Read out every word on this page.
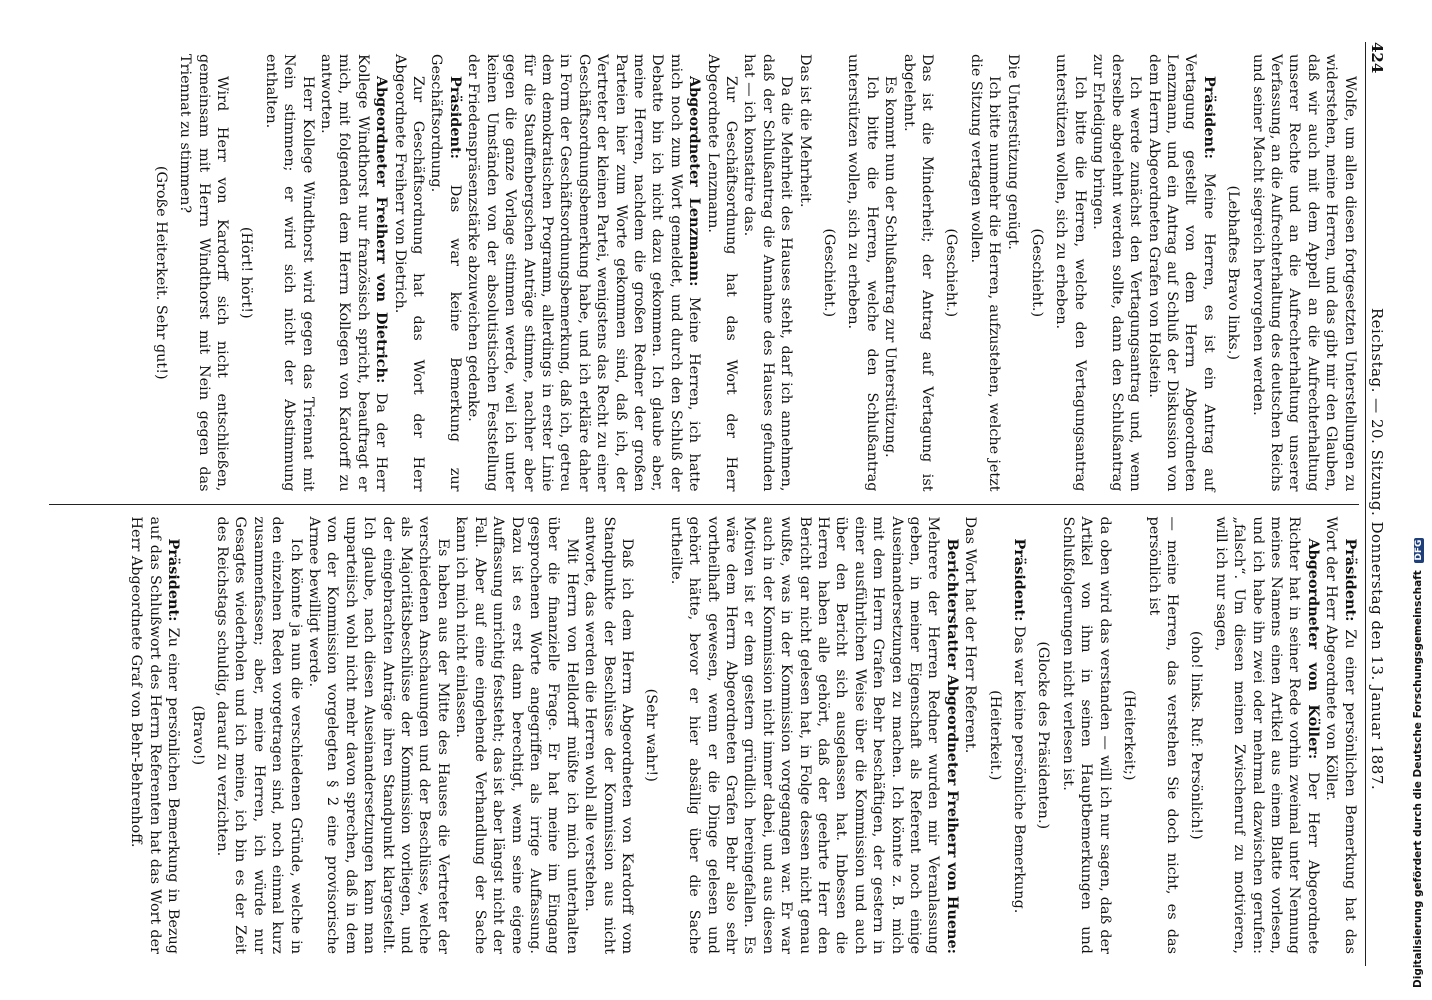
424
Reichstag. — 20. Sitzung. Donnerstag den 13. Januar 1887.

Wolfe, um allen diesen fortgesetzten Unterstellungen zu widerstehen, meine Herren, und das gibt mir den Glauben, daß wir auch mit dem Appell an die Aufrechterhaltung unserer Rechte und an die Aufrechterhaltung unserer Verfassung, an die Aufrechterhaltung des deutschen Reichs und seiner Macht siegreich hervorgehen werden.

(Lebhaftes Bravo links.)

Präsident: Meine Herren, es ist ein Antrag auf Vertagung gestellt von dem Herrn Abgeordneten Lenzmann, und ein Antrag auf Schluß der Diskussion von dem Herrn Abgeordneten Grafen von Holstein.

Ich werde zunächst den Vertagungsantrag und, wenn derselbe abgelehnt werden sollte, dann den Schlußantrag zur Erledigung bringen.

Ich bitte die Herren, welche den Vertagungsantrag unterstützen wollen, sich zu erheben.

(Geschieht.)

Die Unterstützung genügt.

Ich bitte nunmehr die Herren, aufzustehen, welche jetzt die Sitzung vertagen wollen.

(Geschieht.)

Das ist die Minderheit; der Antrag auf Vertagung ist abgelehnt.

Es kommt nun der Schlußantrag zur Unterstützung.

Ich bitte die Herren, welche den Schlußantrag unterstützen wollen, sich zu erheben.

(Geschieht.)

Das ist die Mehrheit.

Da die Mehrheit des Hauses steht, darf ich annehmen, daß der Schlußantrag die Annahme des Hauses gefunden hat — ich konstatire das.

Zur Geschäftsordnung hat das Wort der Herr Abgeordnete Lenzmann.

Abgeordneter Lenzmann: Meine Herren, ich hatte mich noch zum Wort gemeldet, und durch den Schluß der Debatte bin ich nicht dazu gekommen. Ich glaube aber, meine Herren, nachdem die großen Redner der großen Parteien hier zum Worte gekommen sind, daß ich, der Vertreter der kleinen Partei, wenigstens das Recht zu einer Geschäftsordnungsbemerkung habe, und ich erkläre daher in Form der Geschäftsordnungsbemerkung, daß ich, getreu dem demokratischen Programm, allerdings in erster Linie für die Stauffenbergschen Anträge stimme, nachher aber gegen die ganze Vorlage stimmen werde, weil ich unter keinen Umständen von der absolutistischen Feststellung der Friedenspräsenzstärke abzuweichen gedenke.

Präsident: Das war keine Bemerkung zur Geschäftsordnung.

Zur Geschäftsordnung hat das Wort der Herr Abgeordnete Freiherr von Dietrich.

Abgeordneter Freiherr von Dietrich: Da der Herr Kollege Windthorst nur französisch spricht, beauftragt er mich, mit folgenden dem Herrn Kollegen von Kardorff zu antworten.

Herr Kollege Windthorst wird gegen das Triennat mit Nein stimmen; er wird sich nicht der Abstimmung enthalten.

(Hört! hört!)

Wird Herr von Kardorff sich nicht entschließen, gemeinsam mit Herrn Windthorst mit Nein gegen das Triennat zu stimmen?

(Große Heiterkeit. Sehr gut!)

Präsident: Zu einer persönlichen Bemerkung hat das Wort der Herr Abgeordnete von Köller.

Abgeordneter von Köller: Der Herr Abgeordnete Richter hat in seiner Rede vorhin zweimal unter Nennung meines Namens einen Artikel aus einem Blatte vorlesen, und ich habe ihn zwei oder mehrmal dazwischen gerufen: „falsch“. Um diesen meinen Zwischenruf zu motivieren, will ich nur sagen,

(oho! links. Ruf: Persönlich!)

— meine Herren, das verstehen Sie doch nicht, es das persönlich ist

(Heiterkeit;)

da oben wird das verstanden — will ich nur sagen, daß der Artikel von ihm in seinen Hauptbemerkungen und Schlußfolgerungen nicht verlesen ist.

(Glocke des Präsidenten.)

Präsident: Das war keine persönliche Bemerkung.

(Heiterkeit.)

Das Wort hat der Herr Referent.

Berichterstatter Abgeordneter Freiherr von Huene: Mehrere der Herren Redner wurden mir Veranlassung geben, in meiner Eigenschaft als Referent noch einige Auseinandersetzungen zu machen. Ich könnte z. B. mich mit dem Herrn Grafen Behr beschäftigen, der gestern in einer ausführlichen Weise über die Kommission und auch über den Bericht sich ausgelassen hat. Inbessen die Herren haben alle gehört, daß der geehrte Herr den Bericht gar nicht gelesen hat, in Folge dessen nicht genau wußte, was in der Kommission vorgegangen war. Er war auch in der Kommission nicht immer dabei, und aus diesen Motiven ist er dem gestern gründlich hereingefallen. Es wäre dem Herrn Abgeordneten Grafen Behr also sehr vortheilhaft gewesen, wenn er die Dinge gelesen und gehört hätte, bevor er hier absällig über die Sache urtheilte.

(Sehr wahr!)

Daß ich dem Herrn Abgeordneten von Kardorff vom Standpunkte der Beschlüsse der Kommission aus nicht antworte, das werden die Herren wohl alle verstehen.

Mit Herrn von Helldorff müßte ich mich unterhalten über die finanzielle Frage. Er hat meine im Eingang gesprochenen Worte angegriffen als irrige Auffassung. Dazu ist es erst dann berechtigt, wenn seine eigene Auffassung unrichtig feststeht; das ist aber längst nicht der Fall. Aber auf eine eingehende Verhandlung der Sache kann ich mich nicht einlassen.

Es haben aus der Mitte des Hauses die Vertreter der verschiedenen Anschauungen und der Beschlüsse, welche als Majoritätsbeschlüsse der Kommission vorliegen, und der eingebrachten Anträge ihren Standpunkt klargestellt. Ich glaube, nach diesen Auseinandersetzungen kann man unparteiisch wohl nicht mehr davon sprechen, daß in dem von der Kommission vorgelegten § 2 eine provisorische Armee bewilligt werde.

Ich könnte ja nun die verschiedenen Gründe, welche in den einzelnen Reden vorgetragen sind, noch einmal kurz zusammenfassen; aber, meine Herren, ich würde nur Gesagtes wiederholen und ich meine, ich bin es der Zeit des Reichstags schuldig, darauf zu verzichten.

(Bravo!)

Präsident: Zu einer persönlichen Bemerkung in Bezug auf das Schlußwort des Herrn Referenten hat das Wort der Herr Abgeordnete Graf von Behr-Behrenhoff.	Digitalisierung gefördert durch die Deutsche Forschungsgemeinschaft DFG
